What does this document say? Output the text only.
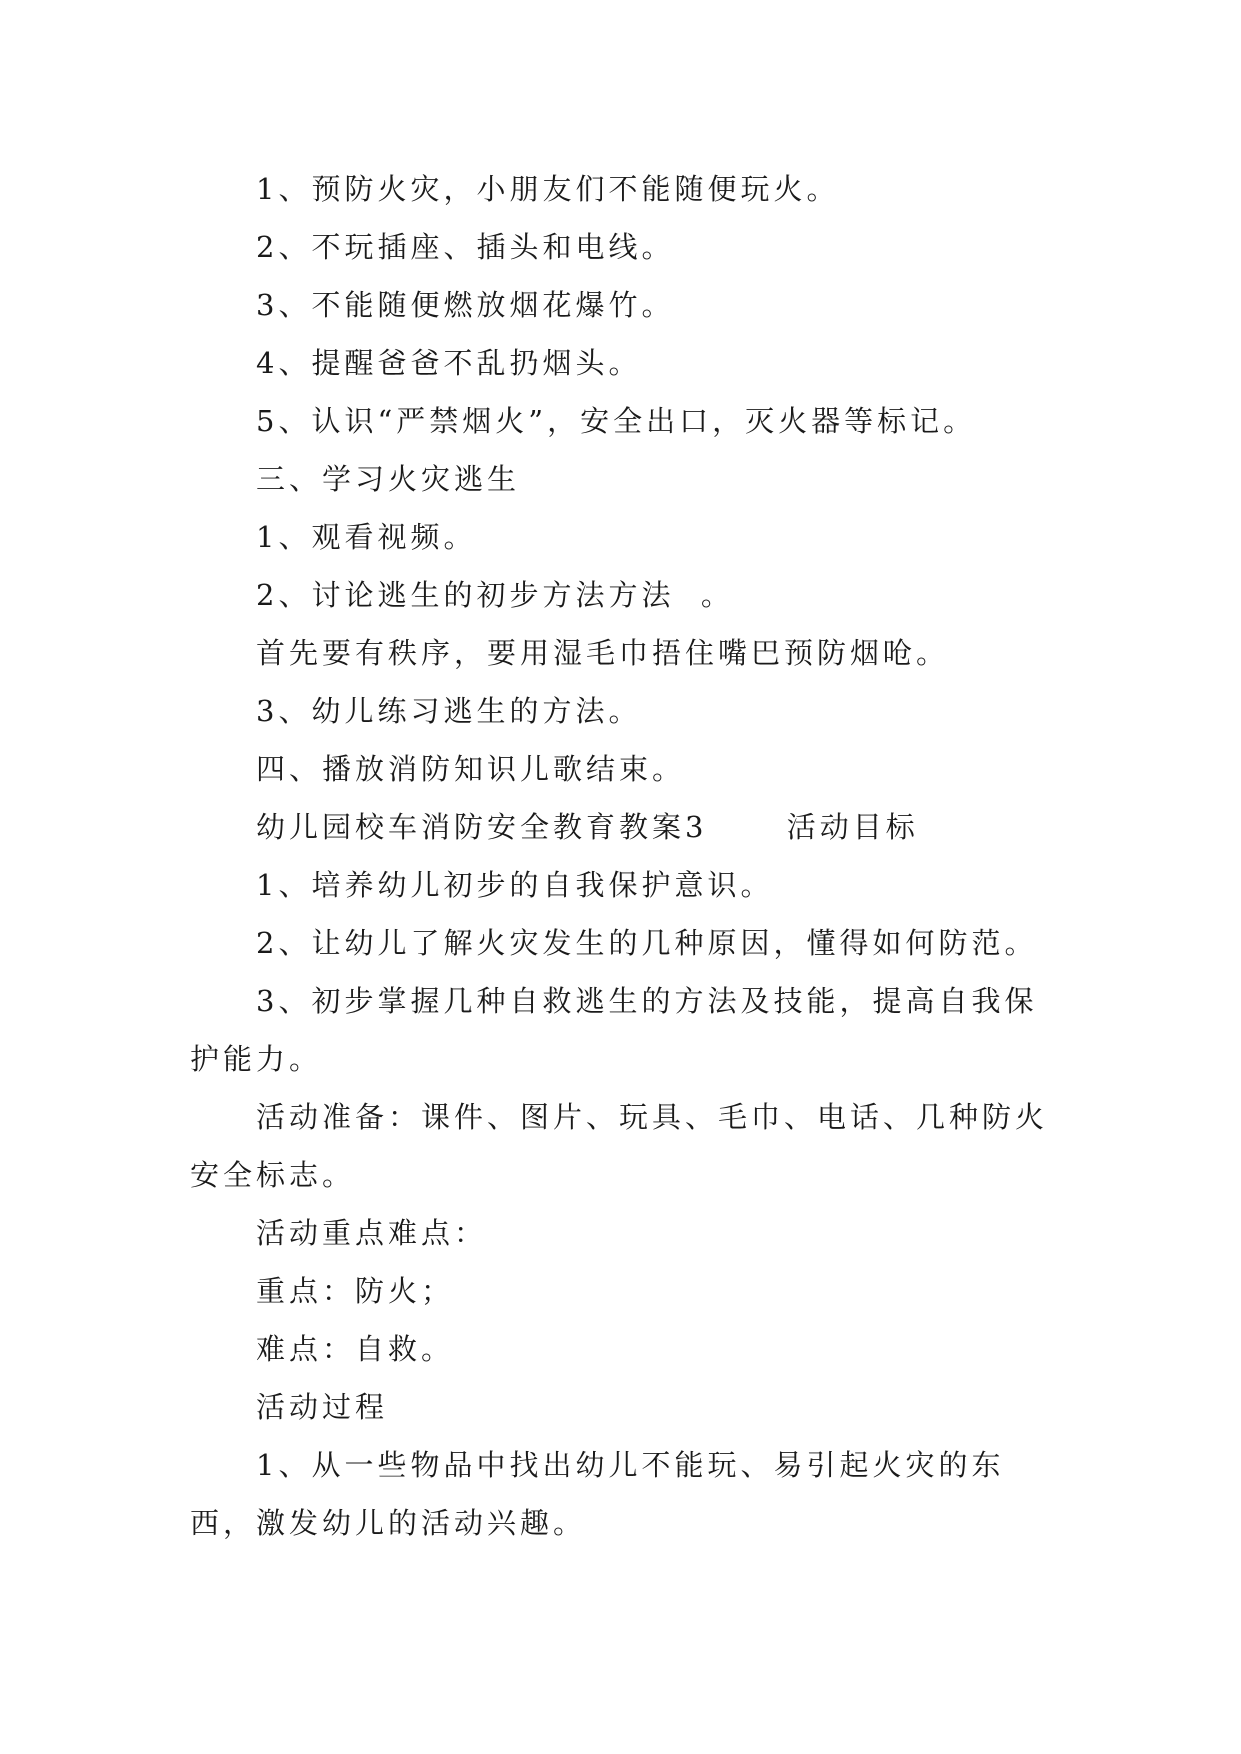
1、预防火灾，小朋友们不能随便玩火。

2、不玩插座、插头和电线。

3、不能随便燃放烟花爆竹。

4、提醒爸爸不乱扔烟头。

5、认识“严禁烟火”，安全出口，灭火器等标记。

三、学习火灾逃生

1、观看视频。

2、讨论逃生的初步方法方法  。

首先要有秩序，要用湿毛巾捂住嘴巴预防烟呛。

3、幼儿练习逃生的方法。

四、播放消防知识儿歌结束。

幼儿园校车消防安全教育教案3      活动目标

1、培养幼儿初步的自我保护意识。

2、让幼儿了解火灾发生的几种原因，懂得如何防范。

3、初步掌握几种自救逃生的方法及技能，提高自我保护能力。

活动准备：课件、图片、玩具、毛巾、电话、几种防火安全标志。

活动重点难点：

重点：防火；

难点：自救。

活动过程

1、从一些物品中找出幼儿不能玩、易引起火灾的东西，激发幼儿的活动兴趣。
